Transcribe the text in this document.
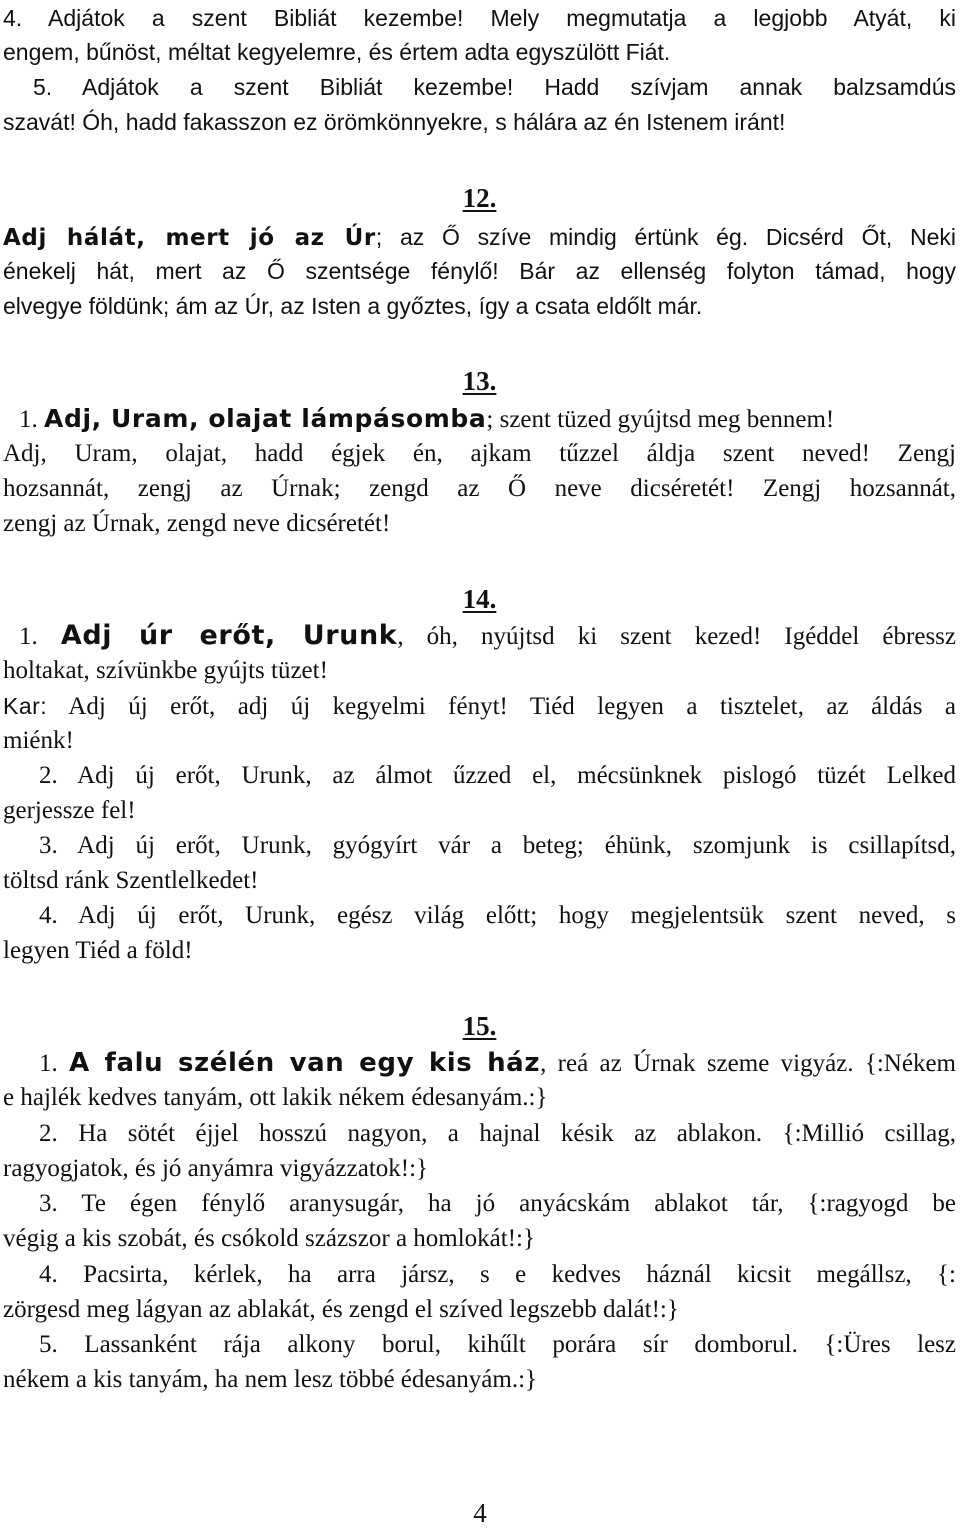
4. Adjátok a szent Bibliát kezembe! Mely megmutatja a legjobb Atyát, ki
engem, bűnöst, méltat kegyelemre, és értem adta egyszülött Fiát.
5. Adjátok a szent Bibliát kezembe! Hadd szívjam annak balzsamdús
szavát! Óh, hadd fakasszon ez örömkönnyekre, s hálára az én Istenem iránt!
12.
Adj hálát, mert jó az Úr; az Ő szíve mindig értünk ég. Dicsérd Őt, Neki
énekelj hát, mert az Ő szentsége fénylő! Bár az ellenség folyton támad, hogy
elvegye földünk; ám az Úr, az Isten a győztes, így a csata eldőlt már.
13.
1. Adj, Uram, olajat lámpásomba; szent tüzed gyújtsd meg bennem!
Adj, Uram, olajat, hadd égjek én, ajkam tűzzel áldja szent neved! Zengj
hozsannát, zengj az Úrnak; zengd az Ő neve dicséretét! Zengj hozsannát,
zengj az Úrnak, zengd neve dicséretét!
14.
1. Adj úr erőt, Urunk, óh, nyújtsd ki szent kezed! Igéddel ébressz
holtakat, szívünkbe gyújts tüzet!
Kar: Adj új erőt, adj új kegyelmi fényt! Tiéd legyen a tisztelet, az áldás a
miénk!
2. Adj új erőt, Urunk, az álmot űzzed el, mécsünknek pislogó tüzét Lelked
gerjessze fel!
3. Adj új erőt, Urunk, gyógyírt vár a beteg; éhünk, szomjunk is csillapítsd,
töltsd ránk Szentlelkedet!
4. Adj új erőt, Urunk, egész világ előtt; hogy megjelentsük szent neved, s
legyen Tiéd a föld!
15.
1. A falu szélén van egy kis ház, reá az Úrnak szeme vigyáz. {:Nékem
e hajlék kedves tanyám, ott lakik nékem édesanyám.:}
2. Ha sötét éjjel hosszú nagyon, a hajnal késik az ablakon. {:Millió csillag,
ragyogjatok, és jó anyámra vigyázzatok!:}
3. Te égen fénylő aranysugár, ha jó anyácskám ablakot tár, {:ragyogd be
végig a kis szobát, és csókold százszor a homlokát!:}
4. Pacsirta, kérlek, ha arra jársz, s e kedves háznál kicsit megállsz, {:
zörgesd meg lágyan az ablakát, és zengd el szíved legszebb dalát!:}
5. Lassanként rája alkony borul, kihűlt porára sír domborul. {:Üres lesz
nékem a kis tanyám, ha nem lesz többé édesanyám.:}
4
